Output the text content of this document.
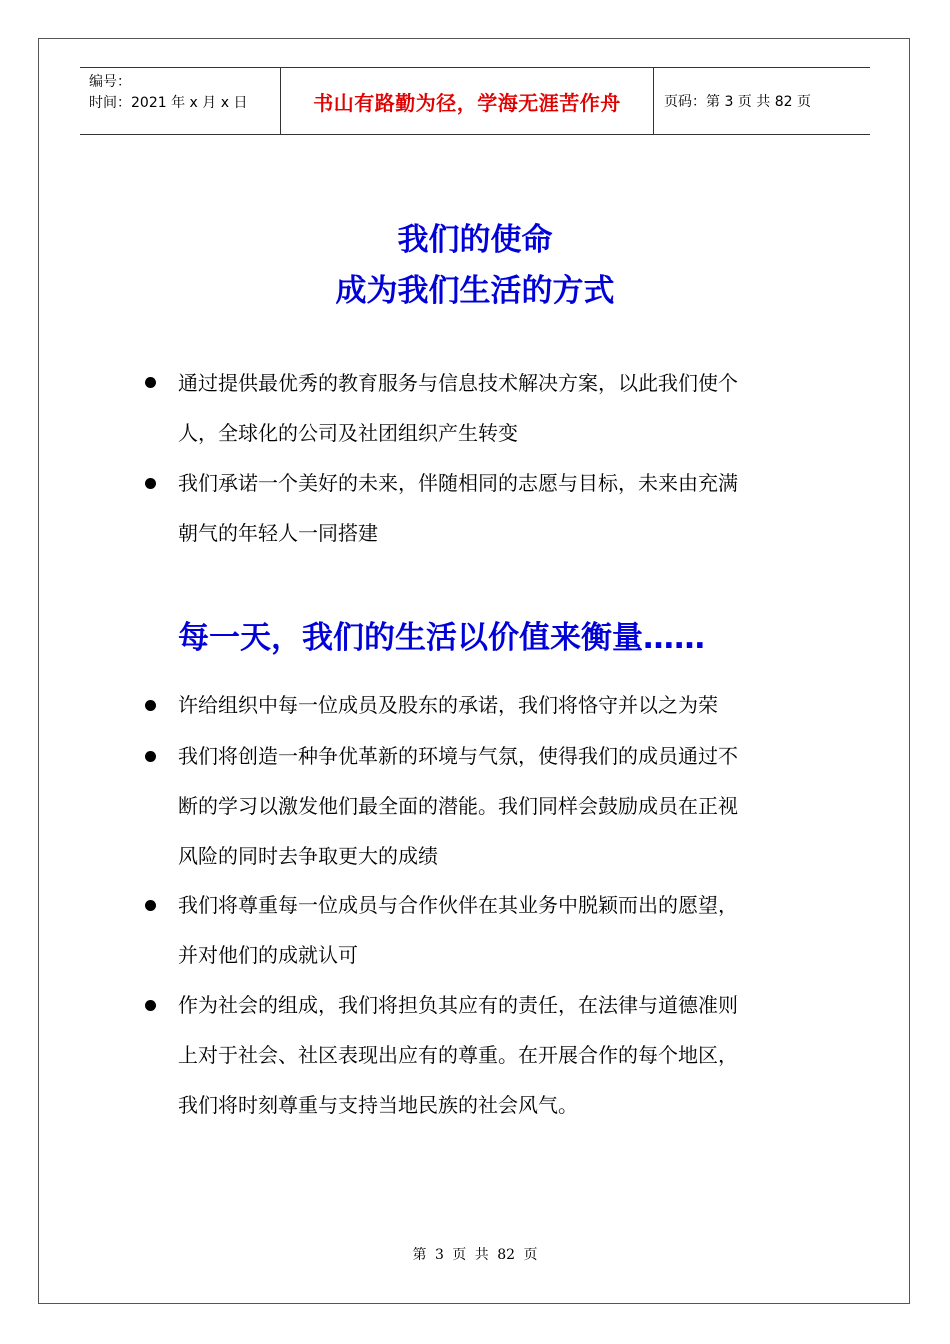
编号：
时间：2021 年 x 月 x 日	书山有路勤为径，学海无涯苦作舟	页码：第 3 页 共 82 页
我们的使命
成为我们生活的方式
通过提供最优秀的教育服务与信息技术解决方案，以此我们使个
人，全球化的公司及社团组织产生转变
我们承诺一个美好的未来，伴随相同的志愿与目标，未来由充满
朝气的年轻人一同搭建
每一天，我们的生活以价值来衡量……
许给组织中每一位成员及股东的承诺，我们将恪守并以之为荣
我们将创造一种争优革新的环境与气氛，使得我们的成员通过不
断的学习以激发他们最全面的潜能。我们同样会鼓励成员在正视
风险的同时去争取更大的成绩
我们将尊重每一位成员与合作伙伴在其业务中脱颖而出的愿望，
并对他们的成就认可
作为社会的组成，我们将担负其应有的责任，在法律与道德准则
上对于社会、社区表现出应有的尊重。在开展合作的每个地区，
我们将时刻尊重与支持当地民族的社会风气。
第 3 页 共 82 页
